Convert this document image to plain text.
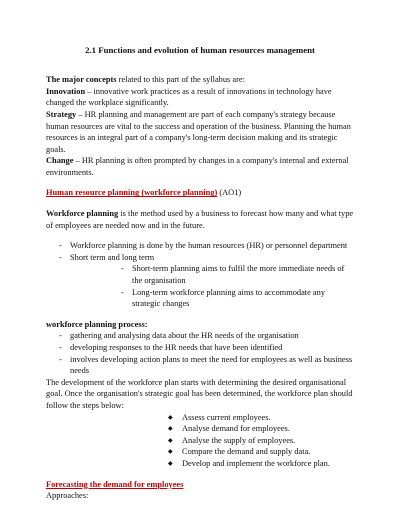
2.1 Functions and evolution of human resources management

The major concepts related to this part of the syllabus are:

Innovation – innovative work practices as a result of innovations in technology have changed the workplace significantly.

Strategy – HR planning and management are part of each company's strategy because human resources are vital to the success and operation of the business. Planning the human resources is an integral part of a company's long-term decision making and its strategic goals.

Change – HR planning is often prompted by changes in a company's internal and external environments.

Human resource planning (workforce planning) (AO1)

Workforce planning is the method used by a business to forecast how many and what type of employees are needed now and in the future.

- Workforce planning is done by the human resources (HR) or personnel department
- Short term and long term
- Short-term planning aims to fulfil the more immediate needs of the organisation
- Long-term workforce planning aims to accommodate any strategic changes

workforce planning process:

- gathering and analysing data about the HR needs of the organisation
- developing responses to the HR needs that have been identified
- involves developing action plans to meet the need for employees as well as business needs

The development of the workforce plan starts with determining the desired organisational goal. Once the organisation's strategic goal has been determined, the workforce plan should follow the steps below:

◆ Assess current employees.
◆ Analyse demand for employees.
◆ Analyse the supply of employees.
◆ Compare the demand and supply data.
◆ Develop and implement the workforce plan.

Forecasting the demand for employees

Approaches:
